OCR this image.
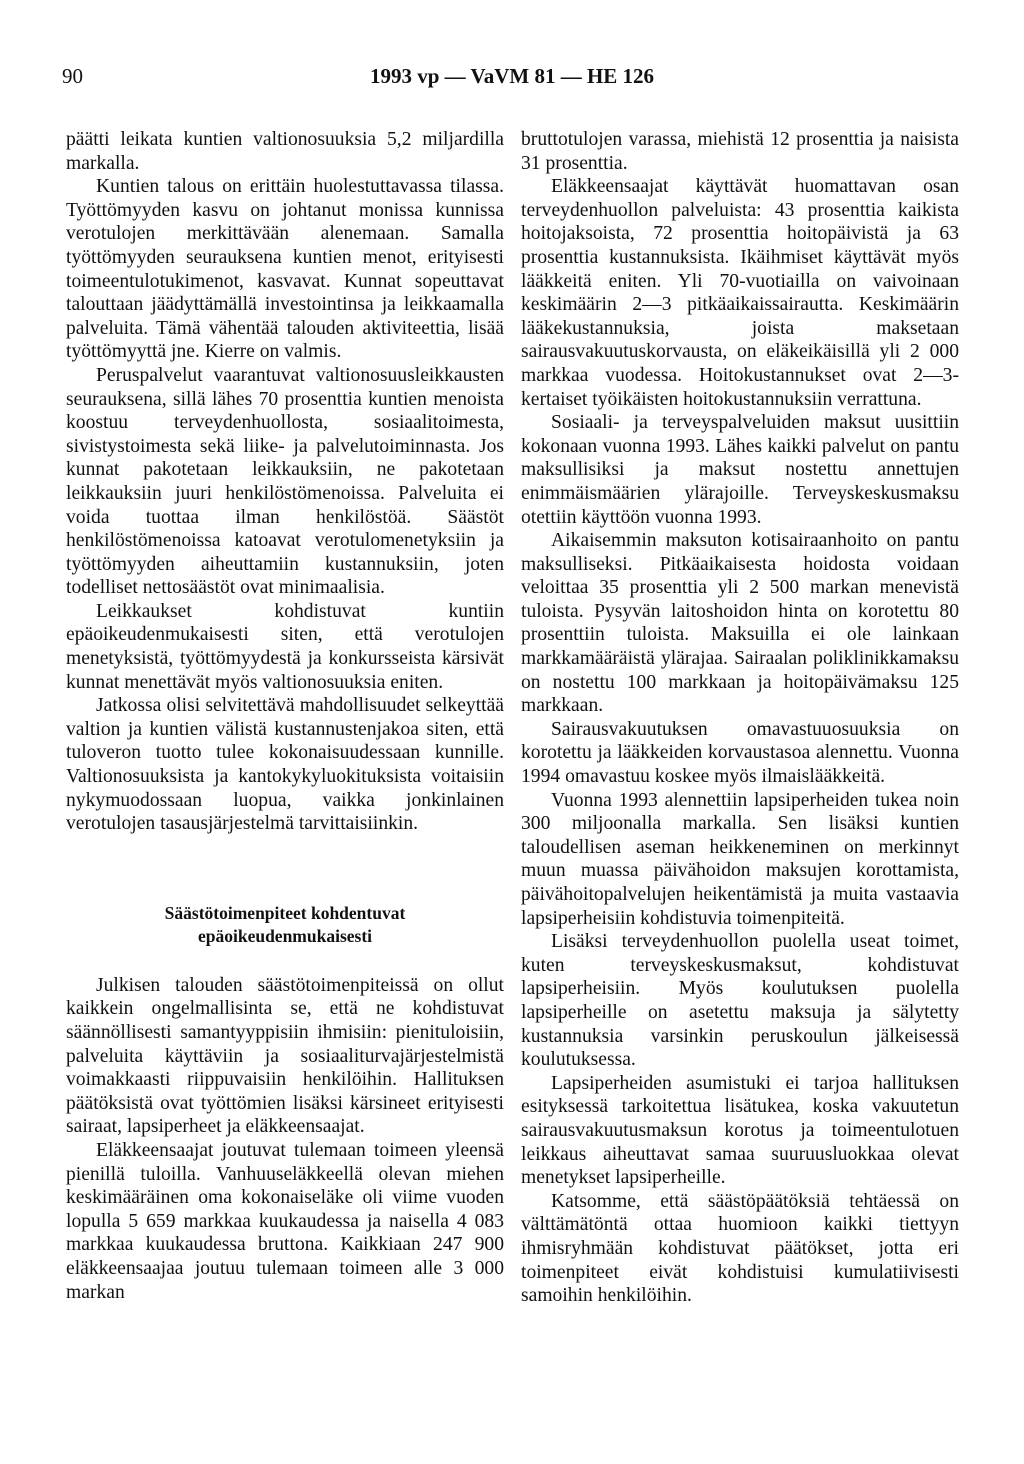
90	1993 vp — VaVM 81 — HE 126

päätti leikata kuntien valtionosuuksia 5,2 miljardilla markalla.

Kuntien talous on erittäin huolestuttavassa tilassa. Työttömyyden kasvu on johtanut monissa kunnissa verotulojen merkittävään alenemaan. Samalla työttömyyden seurauksena kuntien menot, erityisesti toimeentulotukimenot, kasvavat. Kunnat sopeuttavat talouttaan jäädyttämällä investointinsa ja leikkaamalla palveluita. Tämä vähentää talouden aktiviteettia, lisää työttömyyttä jne. Kierre on valmis.

Peruspalvelut vaarantuvat valtionosuusleikkausten seurauksena, sillä lähes 70 prosenttia kuntien menoista koostuu terveydenhuollosta, sosiaalitoimesta, sivistystoimesta sekä liike- ja palvelutoiminnasta. Jos kunnat pakotetaan leikkauksiin, ne pakotetaan leikkauksiin juuri henkilöstömenoissa. Palveluita ei voida tuottaa ilman henkilöstöä. Säästöt henkilöstömenoissa katoavat verotulomenetyksiin ja työttömyyden aiheuttamiin kustannuksiin, joten todelliset nettosäästöt ovat minimaalisia.

Leikkaukset kohdistuvat kuntiin epäoikeudenmukaisesti siten, että verotulojen menetyksistä, työttömyydestä ja konkursseista kärsivät kunnat menettävät myös valtionosuuksia eniten.

Jatkossa olisi selvitettävä mahdollisuudet selkeyttää valtion ja kuntien välistä kustannustenjakoa siten, että tuloveron tuotto tulee kokonaisuudessaan kunnille. Valtionosuuksista ja kantokykyluokituksista voitaisiin nykymuodossaan luopua, vaikka jonkinlainen verotulojen tasausjärjestelmä tarvittaisiinkin.

Säästötoimenpiteet kohdentuvat epäoikeudenmukaisesti

Julkisen talouden säästötoimenpiteissä on ollut kaikkein ongelmallisinta se, että ne kohdistuvat säännöllisesti samantyyppisiin ihmisiin: pienituloisiin, palveluita käyttäviin ja sosiaaliturvajärjestelmistä voimakkaasti riippuvaisiin henkilöihin. Hallituksen päätöksistä ovat työttömien lisäksi kärsineet erityisesti sairaat, lapsiperheet ja eläkkeensaajat.

Eläkkeensaajat joutuvat tulemaan toimeen yleensä pienillä tuloilla. Vanhuuseläkkeellä olevan miehen keskimääräinen oma kokonaiseläke oli viime vuoden lopulla 5 659 markkaa kuukaudessa ja naisella 4 083 markkaa kuukaudessa bruttona. Kaikkiaan 247 900 eläkkeensaajaa joutuu tulemaan toimeen alle 3 000 markan

bruttotulojen varassa, miehistä 12 prosenttia ja naisista 31 prosenttia.

Eläkkeensaajat käyttävät huomattavan osan terveydenhuollon palveluista: 43 prosenttia kaikista hoitojaksoista, 72 prosenttia hoitopäivistä ja 63 prosenttia kustannuksista. Ikäihmiset käyttävät myös lääkkeitä eniten. Yli 70-vuotiailla on vaivoinaan keskimäärin 2—3 pitkäaikaissairautta. Keskimäärin lääkekustannuksia, joista maksetaan sairausvakuutuskorvausta, on eläkeikäisillä yli 2 000 markkaa vuodessa. Hoitokustannukset ovat 2—3-kertaiset työikäisten hoitokustannuksiin verrattuna.

Sosiaali- ja terveyspalveluiden maksut uusittiin kokonaan vuonna 1993. Lähes kaikki palvelut on pantu maksullisiksi ja maksut nostettu annettujen enimmäismäärien ylärajoille. Terveyskeskusmaksu otettiin käyttöön vuonna 1993.

Aikaisemmin maksuton kotisairaanhoito on pantu maksulliseksi. Pitkäaikaisesta hoidosta voidaan veloittaa 35 prosenttia yli 2 500 markan menevistä tuloista. Pysyvän laitoshoidon hinta on korotettu 80 prosenttiin tuloista. Maksuilla ei ole lainkaan markkamääräistä ylärajaa. Sairaalan poliklinikkamaksu on nostettu 100 markkaan ja hoitopäivämaksu 125 markkaan.

Sairausvakuutuksen omavastuuosuuksia on korotettu ja lääkkeiden korvaustasoa alennettu. Vuonna 1994 omavastuu koskee myös ilmaislääkkeitä.

Vuonna 1993 alennettiin lapsiperheiden tukea noin 300 miljoonalla markalla. Sen lisäksi kuntien taloudellisen aseman heikkeneminen on merkinnyt muun muassa päivähoidon maksujen korottamista, päivähoitopalvelujen heikentämistä ja muita vastaavia lapsiperheisiin kohdistuvia toimenpiteitä.

Lisäksi terveydenhuollon puolella useat toimet, kuten terveyskeskusmaksut, kohdistuvat lapsiperheisiin. Myös koulutuksen puolella lapsiperheille on asetettu maksuja ja sälytetty kustannuksia varsinkin peruskoulun jälkeisessä koulutuksessa.

Lapsiperheiden asumistuki ei tarjoa hallituksen esityksessä tarkoitettua lisätukea, koska vakuutetun sairausvakuutusmaksun korotus ja toimeentulotuen leikkaus aiheuttavat samaa suuruusluokkaa olevat menetykset lapsiperheille.

Katsomme, että säästöpäätöksiä tehtäessä on välttämätöntä ottaa huomioon kaikki tiettyyn ihmisryhmään kohdistuvat päätökset, jotta eri toimenpiteet eivät kohdistuisi kumulatiivisesti samoihin henkilöihin.
